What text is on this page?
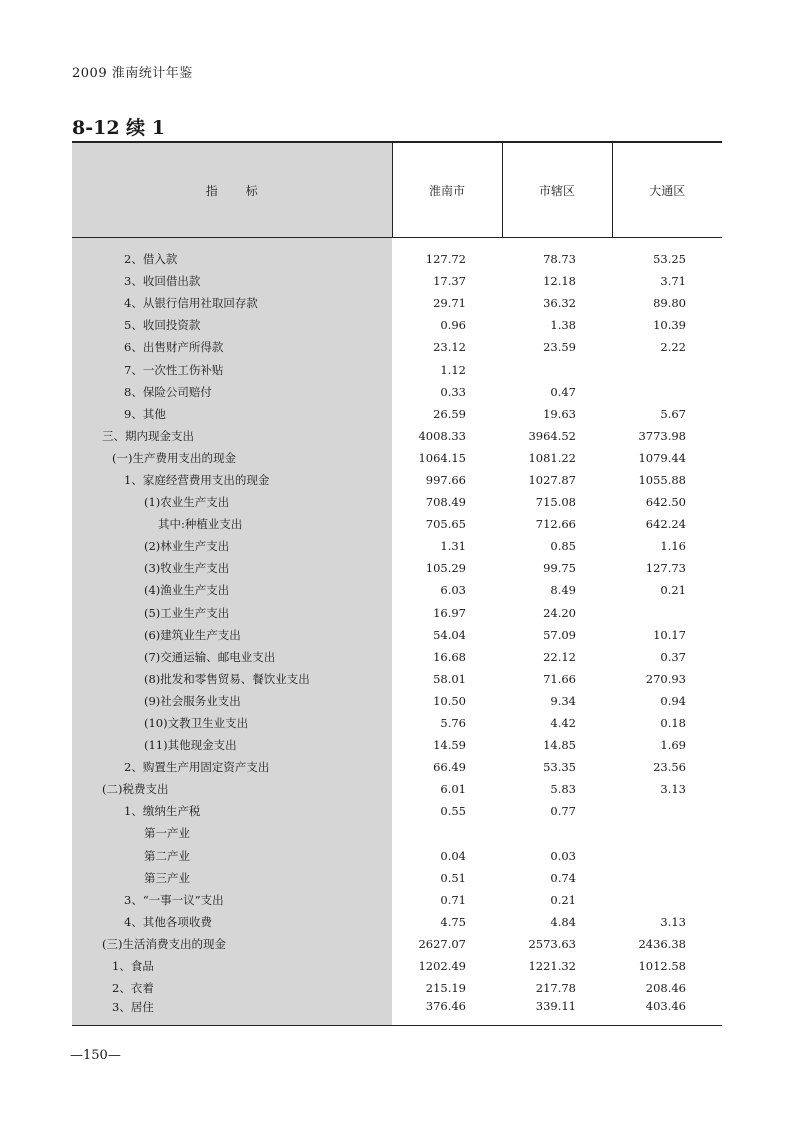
2009 淮南统计年鉴
8-12 续 1
指标	淮南市	市辖区	大通区

2、借入款	127.72	78.73	53.25
3、收回借出款	17.37	12.18	3.71
4、从银行信用社取回存款	29.71	36.32	89.80
5、收回投资款	0.96	1.38	10.39
6、出售财产所得款	23.12	23.59	2.22
7、一次性工伤补贴	1.12		
8、保险公司赔付	0.33	0.47	
9、其他	26.59	19.63	5.67
三、期内现金支出	4008.33	3964.52	3773.98
(一)生产费用支出的现金	1064.15	1081.22	1079.44
1、家庭经营费用支出的现金	997.66	1027.87	1055.88
(1)农业生产支出	708.49	715.08	642.50
其中:种植业支出	705.65	712.66	642.24
(2)林业生产支出	1.31	0.85	1.16
(3)牧业生产支出	105.29	99.75	127.73
(4)渔业生产支出	6.03	8.49	0.21
(5)工业生产支出	16.97	24.20	
(6)建筑业生产支出	54.04	57.09	10.17
(7)交通运输、邮电业支出	16.68	22.12	0.37
(8)批发和零售贸易、餐饮业支出	58.01	71.66	270.93
(9)社会服务业支出	10.50	9.34	0.94
(10)文教卫生业支出	5.76	4.42	0.18
(11)其他现金支出	14.59	14.85	1.69
2、购置生产用固定资产支出	66.49	53.35	23.56
(二)税费支出	6.01	5.83	3.13
1、缴纳生产税	0.55	0.77	
第一产业			
第二产业	0.04	0.03	
第三产业	0.51	0.74	
3、“一事一议”支出	0.71	0.21	
4、其他各项收费	4.75	4.84	3.13
(三)生活消费支出的现金	2627.07	2573.63	2436.38
1、食品	1202.49	1221.32	1012.58
2、衣着	215.19	217.78	208.46
3、居住	376.46	339.11	403.46
—150—
